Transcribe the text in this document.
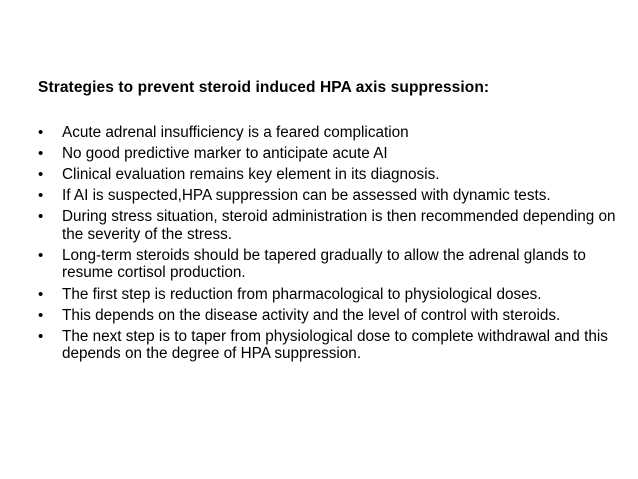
Strategies to prevent steroid induced HPA axis suppression:
•	Acute adrenal insufficiency is a feared complication
•	No good predictive marker to anticipate acute AI
•	Clinical evaluation remains key element in its diagnosis.
•	If AI is suspected,HPA suppression can be assessed with dynamic tests.
•	During stress situation, steroid administration is then recommended depending on the severity of the stress.
•	Long-term steroids should be tapered gradually to allow the adrenal glands to resume cortisol production.
•	The first step is reduction from pharmacological to physiological doses.
•	This depends on the disease activity and the level of control with steroids.
•	The next step is to taper from physiological dose to complete withdrawal and this depends on the degree of HPA suppression.
